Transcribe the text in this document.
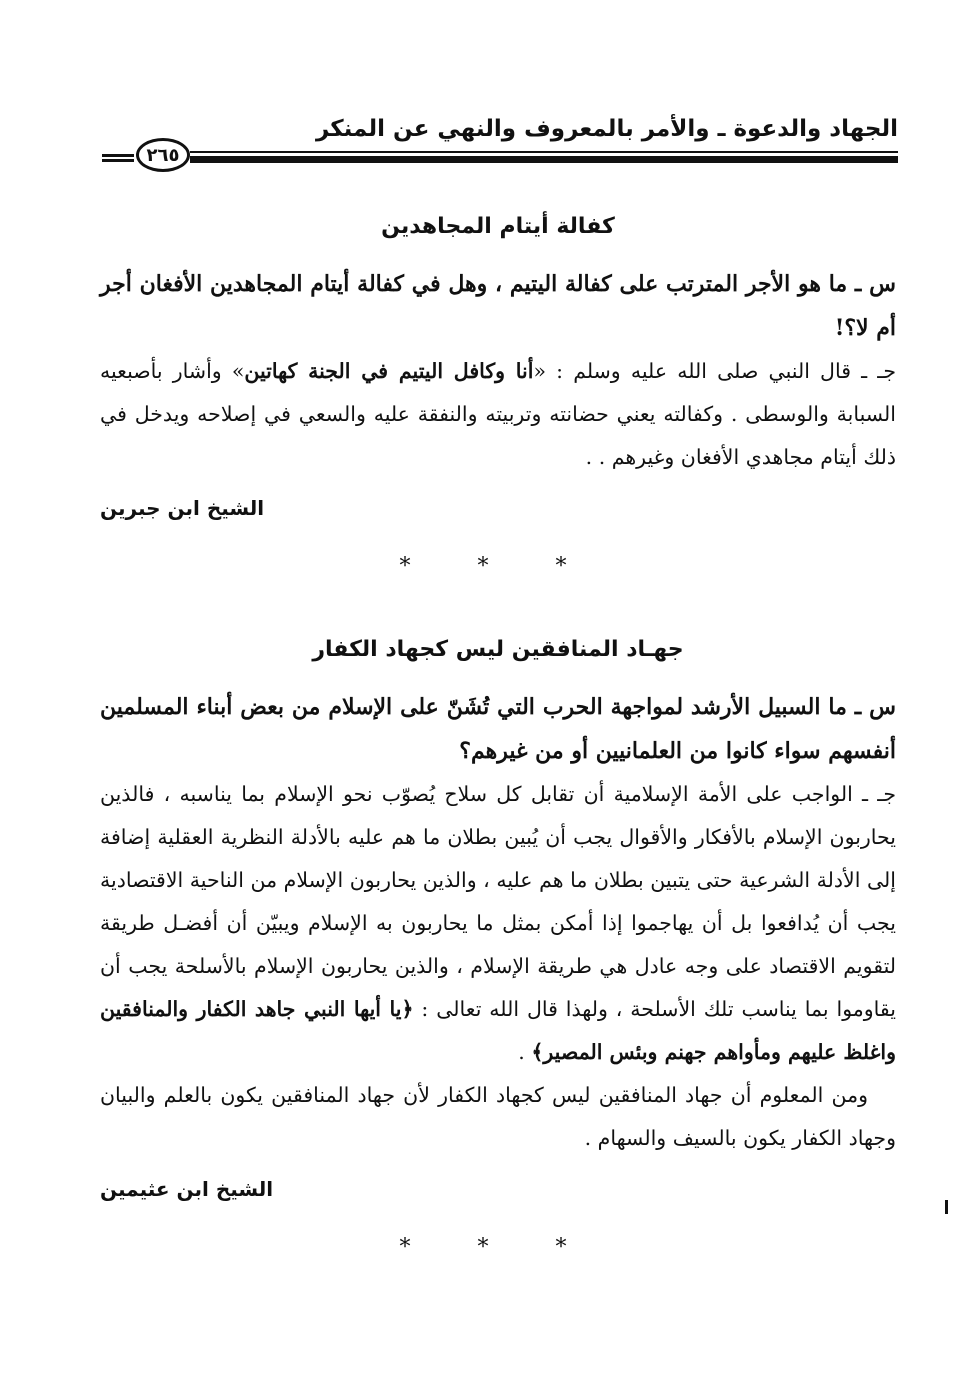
الجهاد والدعوة ـ والأمر بالمعروف والنهي عن المنكر
٢٦٥
كفالة أيتام المجاهدين

س ـ ما هو الأجر المترتب على كفالة اليتيم ، وهل في كفالة أيتام المجاهدين الأفغان أجر أم لا؟!

جـ ـ قال النبي صلى الله عليه وسلم : «أنا وكافل اليتيم في الجنة كهاتين» وأشار بأصبعيه السبابة والوسطى . وكفالته يعني حضانته وتربيته والنفقة عليه والسعي في إصلاحه ويدخل في ذلك أيتام مجاهدي الأفغان وغيرهم . .

الشيخ ابن جبرين
* * *
جهـاد المنافقين ليس كجهاد الكفار

س ـ ما السبيل الأرشد لمواجهة الحرب التي تُشَنّ على الإسلام من بعض أبناء المسلمين أنفسهم سواء كانوا من العلمانيين أو من غيرهم؟

جـ ـ الواجب على الأمة الإسلامية أن تقابل كل سلاح يُصوّب نحو الإسلام بما يناسبه ، فالذين يحاربون الإسلام بالأفكار والأقوال يجب أن يُبين بطلان ما هم عليه بالأدلة النظرية العقلية إضافة إلى الأدلة الشرعية حتى يتبين بطلان ما هم عليه ، والذين يحاربون الإسلام من الناحية الاقتصادية يجب أن يُدافعوا بل أن يهاجموا إذا أمكن بمثل ما يحاربون به الإسلام ويبيّن أن أفضـل طريقة لتقويم الاقتصاد على وجه عادل هي طريقة الإسلام ، والذين يحاربون الإسلام بالأسلحة يجب أن يقاوموا بما يناسب تلك الأسلحة ، ولهذا قال الله تعالى : ﴿يا أيها النبي جاهد الكفار والمنافقين واغلظ عليهم ومأواهم جهنم وبئس المصير﴾ .

ومن المعلوم أن جهاد المنافقين ليس كجهاد الكفار لأن جهاد المنافقين يكون بالعلم والبيان وجهاد الكفار يكون بالسيف والسهام .

الشيخ ابن عثيمين
* * *
